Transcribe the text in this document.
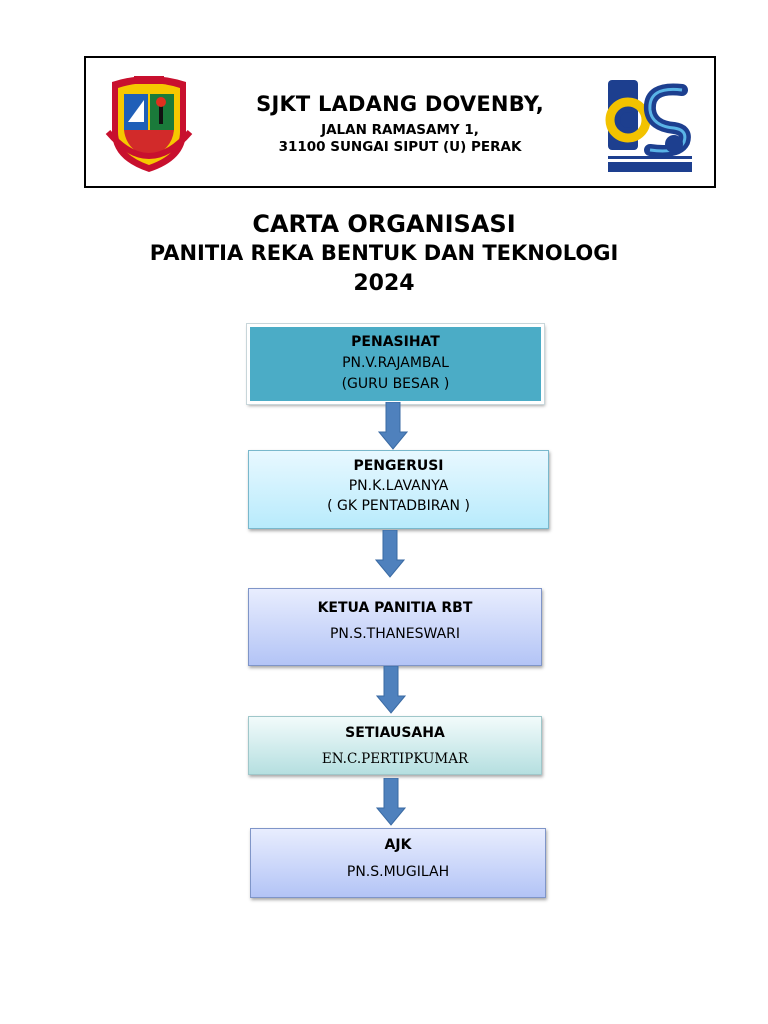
SJKT LADANG DOVENBY,
JALAN RAMASAMY 1,
31100 SUNGAI SIPUT (U) PERAK
CARTA ORGANISASI
PANITIA REKA BENTUK DAN TEKNOLOGI
2024
PENASIHAT
PN.V.RAJAMBAL
(GURU BESAR )
PENGERUSI
PN.K.LAVANYA
( GK PENTADBIRAN )
KETUA PANITIA RBT
PN.S.THANESWARI
SETIAUSAHA
EN.C.PERTIPKUMAR
AJK
PN.S.MUGILAH
